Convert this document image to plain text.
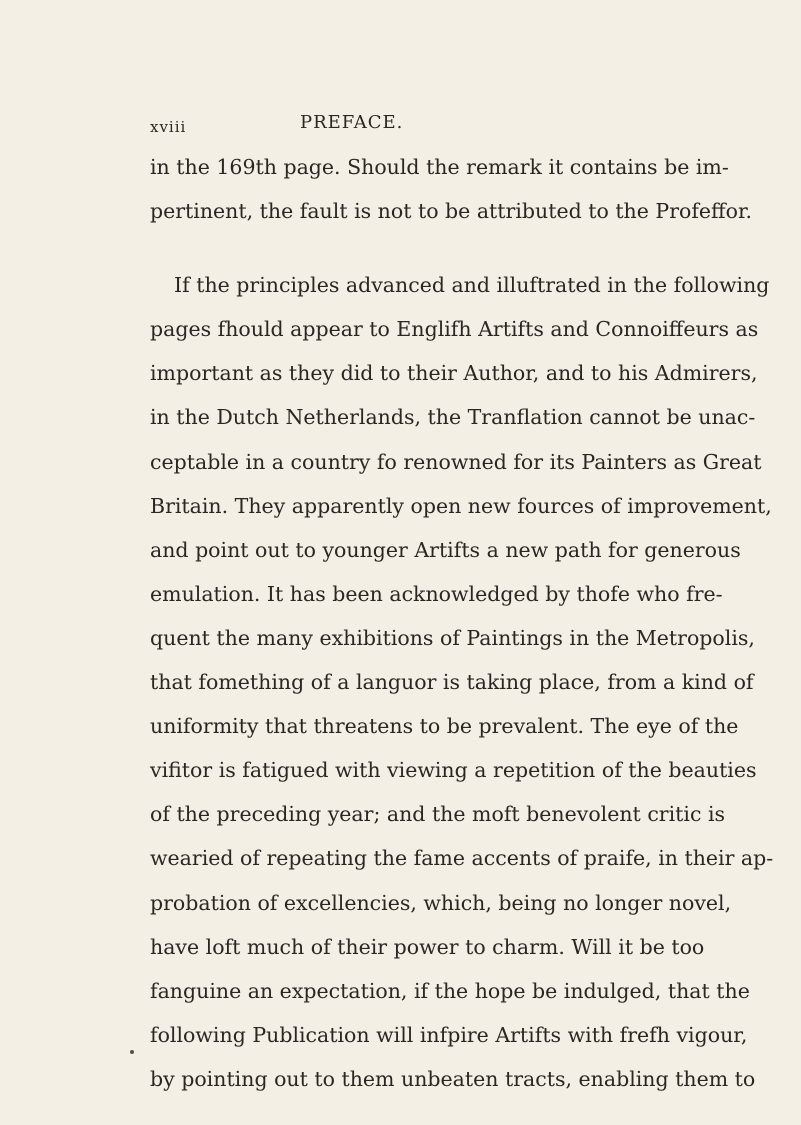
xviii	PREFACE.
in the 169th page. Should the remark it contains be im-
pertinent, the fault is not to be attributed to the Profeffor.
If the principles advanced and illuftrated in the following
pages fhould appear to Englifh Artifts and Connoiffeurs as
important as they did to their Author, and to his Admirers,
in the Dutch Netherlands, the Tranflation cannot be unac-
ceptable in a country fo renowned for its Painters as Great
Britain. They apparently open new fources of improvement,
and point out to younger Artifts a new path for generous
emulation. It has been acknowledged by thofe who fre-
quent the many exhibitions of Paintings in the Metropolis,
that fomething of a languor is taking place, from a kind of
uniformity that threatens to be prevalent. The eye of the
vifitor is fatigued with viewing a repetition of the beauties
of the preceding year; and the moft benevolent critic is
wearied of repeating the fame accents of praife, in their ap-
probation of excellencies, which, being no longer novel,
have loft much of their power to charm. Will it be too
fanguine an expectation, if the hope be indulged, that the
following Publication will infpire Artifts with frefh vigour,
by pointing out to them unbeaten tracts, enabling them to
